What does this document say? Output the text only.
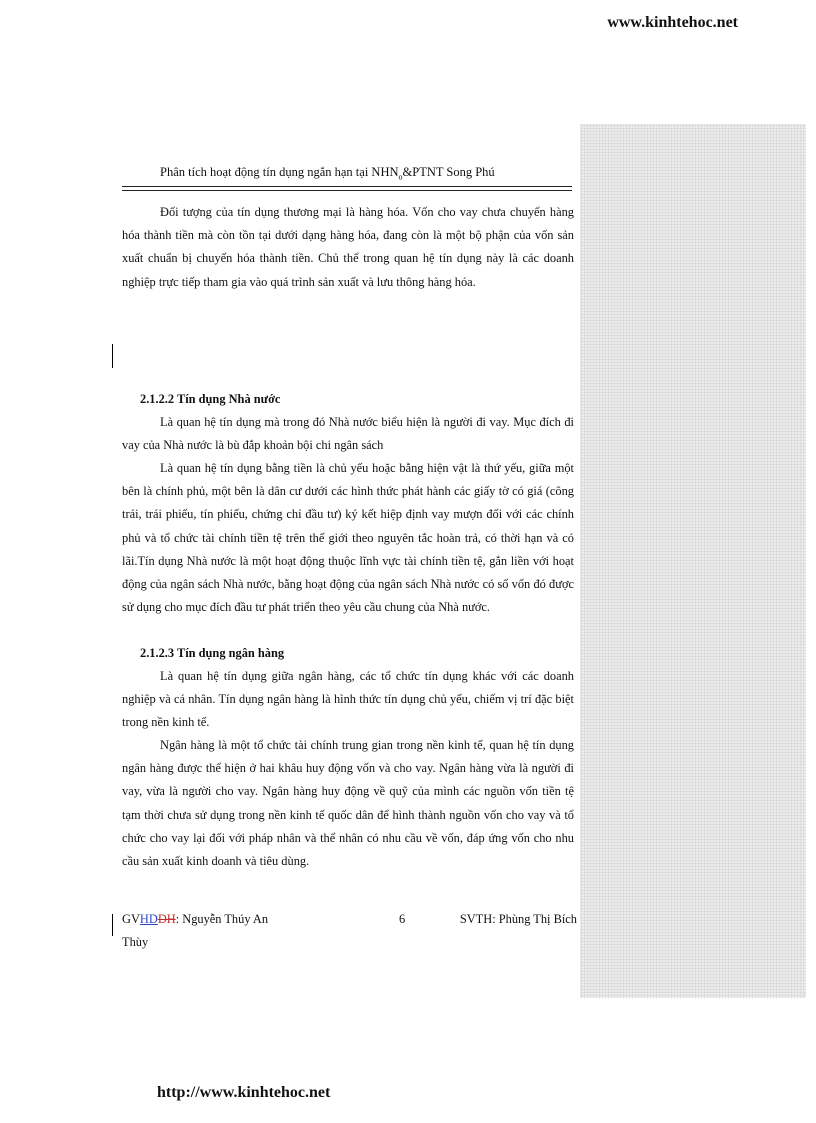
www.kinhtehoc.net
Phân tích hoạt động tín dụng ngắn hạn tại $NHN_o\&PTNT$ Song Phú

Đối tượng của tín dụng thương mại là hàng hóa. Vốn cho vay chưa chuyển hàng hóa thành tiền mà còn tồn tại dưới dạng hàng hóa, đang còn là một bộ phận của vốn sản xuất chuẩn bị chuyển hóa thành tiền. Chủ thể trong quan hệ tín dụng này là các doanh nghiệp trực tiếp tham gia vào quá trình sản xuất và lưu thông hàng hóa.

2.1.2.2 Tín dụng Nhà nước

Là quan hệ tín dụng mà trong đó Nhà nước biểu hiện là người đi vay. Mục đích đi vay của Nhà nước là bù đắp khoản bội chi ngân sách

Là quan hệ tín dụng bằng tiền là chủ yếu hoặc bằng hiện vật là thứ yếu, giữa một bên là chính phủ, một bên là dân cư dưới các hình thức phát hành các giấy tờ có giá (công trái, trái phiếu, tín phiếu, chứng chỉ đầu tư) ký kết hiệp định vay mượn đối với các chính phủ và tổ chức tài chính tiền tệ trên thế giới theo nguyên tắc hoàn trả, có thời hạn và có lãi.Tín dụng Nhà nước là một hoạt động thuộc lĩnh vực tài chính tiền tệ, gắn liền với hoạt động của ngân sách Nhà nước, bằng hoạt động của ngân sách Nhà nước có số vốn đó được sử dụng cho mục đích đầu tư phát triển theo yêu cầu chung của Nhà nước.

2.1.2.3 Tín dụng ngân hàng

Là quan hệ tín dụng giữa ngân hàng, các tổ chức tín dụng khác với các doanh nghiệp và cá nhân. Tín dụng ngân hàng là hình thức tín dụng chủ yếu, chiếm vị trí đặc biệt trong nền kinh tế.

Ngân hàng là một tổ chức tài chính trung gian trong nền kinh tế, quan hệ tín dụng ngân hàng được thể hiện ở hai khâu huy động vốn và cho vay. Ngân hàng vừa là người đi vay, vừa là người cho vay. Ngân hàng huy động về quỹ của mình các nguồn vốn tiền tệ tạm thời chưa sử dụng trong nền kinh tế quốc dân để hình thành nguồn vốn cho vay và tổ chức cho vay lại đối với pháp nhân và thể nhân có nhu cầu về vốn, đáp ứng vốn cho nhu cầu sản xuất kinh doanh và tiêu dùng.

GVHDDH: Nguyễn Thúy An	6	SVTH: Phùng Thị Bích
Thùy
http://www.kinhtehoc.net
